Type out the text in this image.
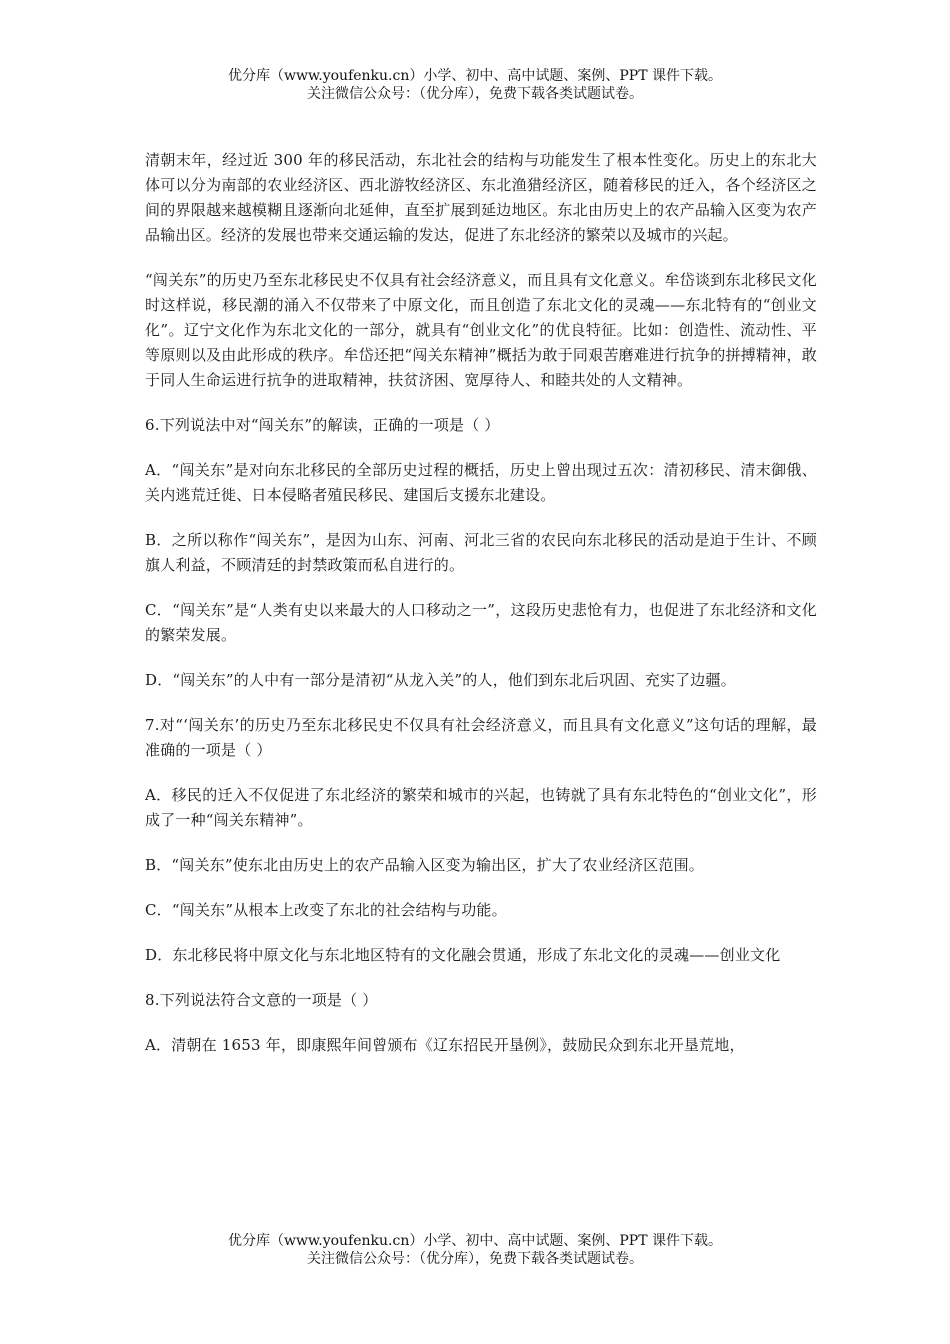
优分库（www.youfenku.cn）小学、初中、高中试题、案例、PPT 课件下载。
关注微信公众号：（优分库），免费下载各类试题试卷。

清朝末年，经过近 300 年的移民活动，东北社会的结构与功能发生了根本性变化。历史上的东北大体可以分为南部的农业经济区、西北游牧经济区、东北渔猎经济区，随着移民的迁入，各个经济区之间的界限越来越模糊且逐渐向北延伸，直至扩展到延边地区。东北由历史上的农产品输入区变为农产品输出区。经济的发展也带来交通运输的发达，促进了东北经济的繁荣以及城市的兴起。

“闯关东”的历史乃至东北移民史不仅具有社会经济意义，而且具有文化意义。牟岱谈到东北移民文化时这样说，移民潮的涌入不仅带来了中原文化，而且创造了东北文化的灵魂——东北特有的“创业文化”。辽宁文化作为东北文化的一部分，就具有“创业文化”的优良特征。比如：创造性、流动性、平等原则以及由此形成的秩序。牟岱还把“闯关东精神”概括为敢于同艰苦磨难进行抗争的拼搏精神，敢于同人生命运进行抗争的进取精神，扶贫济困、宽厚待人、和睦共处的人文精神。

6.下列说法中对“闯关东”的解读，正确的一项是（ ）

A．“闯关东”是对向东北移民的全部历史过程的概括，历史上曾出现过五次：清初移民、清末御俄、关内逃荒迁徙、日本侵略者殖民移民、建国后支援东北建设。

B．之所以称作“闯关东”，是因为山东、河南、河北三省的农民向东北移民的活动是迫于生计、不顾旗人利益，不顾清廷的封禁政策而私自进行的。

C．“闯关东”是“人类有史以来最大的人口移动之一”，这段历史悲怆有力，也促进了东北经济和文化的繁荣发展。

D．“闯关东”的人中有一部分是清初“从龙入关”的人，他们到东北后巩固、充实了边疆。

7.对“‘闯关东’的历史乃至东北移民史不仅具有社会经济意义，而且具有文化意义”这句话的理解，最准确的一项是（ ）

A．移民的迁入不仅促进了东北经济的繁荣和城市的兴起，也铸就了具有东北特色的“创业文化”，形成了一种“闯关东精神”。

B．“闯关东”使东北由历史上的农产品输入区变为输出区，扩大了农业经济区范围。

C．“闯关东”从根本上改变了东北的社会结构与功能。

D．东北移民将中原文化与东北地区特有的文化融会贯通，形成了东北文化的灵魂——创业文化

8.下列说法符合文意的一项是（ ）

A．清朝在 1653 年，即康熙年间曾颁布《辽东招民开垦例》，鼓励民众到东北开垦荒地，

优分库（www.youfenku.cn）小学、初中、高中试题、案例、PPT 课件下载。
关注微信公众号：（优分库），免费下载各类试题试卷。
